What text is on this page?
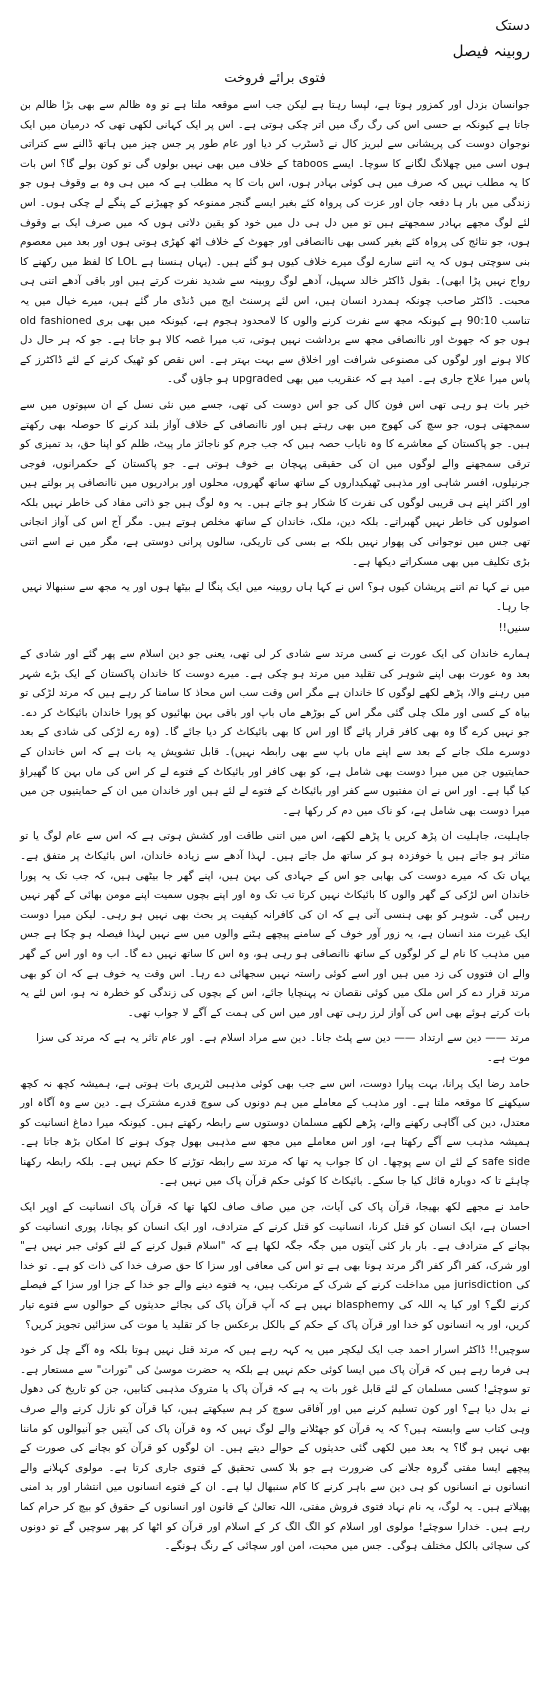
دستک
روبینہ فیصل
فتوی برائے فروخت

جوانسان بزدل اور کمزور ہوتا ہے، لپسا رہتا ہے لیکن جب اسے موقعہ ملتا ہے تو وہ ظالم سے بھی بڑا ظالم بن جاتا ہے کیونکہ بے حسی اس کی رگ رگ میں اتر چکی ہوتی ہے۔ اس پر ایک کہانی لکھی تھی کہ درمیان میں ایک نوجوان دوست کی پریشانی سے لبریز کال نے ڈسٹرب کر دیا اور عام طور پر جس چیز میں ہاتھ ڈالنے سے کتراتی ہوں اسی میں چھلانگ لگانے کا سوچا۔ ایسے taboos کے خلاف میں بھی نہیں بولوں گی تو کون بولے گا؟ اس بات کا یہ مطلب نہیں کہ صرف میں ہی کوئی بہادر ہوں، اس بات کا یہ مطلب ہے کہ میں ہی وہ بے وقوف ہوں جو زندگی میں بار ہا دفعہ جان اور عزت کی پرواہ کئے بغیر ایسے گنجر ممنوعہ کو چھیڑنے کے پنگے لے چکی ہوں۔ اس لئے لوگ مجھے بہادر سمجھتے ہیں تو میں دل ہی دل میں خود کو یقین دلاتی ہوں کہ میں صرف ایک بے وقوف ہوں، جو نتائج کی پرواہ کئے بغیر کسی بھی ناانصافی اور جھوٹ کے خلاف اٹھ کھڑی ہوتی ہوں اور بعد میں معصوم بنی سوچتی ہوں کہ یہ اتنے سارے لوگ میرے خلاف کیوں ہو گئے ہیں۔ (یہاں ہنسنا ہے LOL کا لفظ میں رکھنے کا رواج نہیں پڑا ابھی)۔ بقول ڈاکٹر خالد سہیل، آدھے لوگ روبینہ سے شدید نفرت کرتے ہیں اور باقی آدھے اتنی ہی محبت۔ ڈاکٹر صاحب چونکہ ہمدرد انسان ہیں، اس لئے پرسنٹ ایج میں ڈنڈی مار گئے ہیں، میرے خیال میں یہ تناسب 90:10 ہے کیونکہ مجھ سے نفرت کرنے والوں کا لامحدود ہجوم ہے، کیونکہ میں بھی بری old fashioned ہوں جو کہ جھوٹ اور ناانصافی مجھ سے برداشت نہیں ہوتی، تب میرا غصہ کالا ہو جاتا ہے۔ جو کہ ہر حال دل کالا ہونے اور لوگوں کی مصنوعی شرافت اور اخلاق سے بہت بہتر ہے۔ اس نقص کو ٹھیک کرنے کے لئے ڈاکٹرز کے پاس میرا علاج جاری ہے۔ امید ہے کہ عنقریب میں بھی upgraded ہو جاؤں گی۔

خیر بات ہو رہی تھی اس فون کال کی جو اس دوست کی تھی، جسے میں نئی نسل کے ان سپوتوں میں سے سمجھتی ہوں، جو سچ کی کھوج میں بھی رہتے ہیں اور ناانصافی کے خلاف آواز بلند کرنے کا حوصلہ بھی رکھتے ہیں۔ جو پاکستان کے معاشرے کا وہ نایاب حصہ ہیں کہ جب جرم کو ناجائز مار پیٹ، ظلم کو اپنا حق، بد تمیزی کو ترقی سمجھنے والے لوگوں میں ان کی حقیقی پہچان بے خوف ہوتی ہے۔ جو پاکستان کے حکمرانوں، فوجی جرنیلوں، افسر شاہی اور مذہبی ٹھیکیداروں کے ساتھ ساتھ گھروں، محلوں اور برادریوں میں ناانصافی پر بولتے ہیں اور اکثر اپنے ہی قریبی لوگوں کی نفرت کا شکار ہو جاتے ہیں۔ یہ وہ لوگ ہیں جو ذاتی مفاد کی خاطر نہیں بلکہ اصولوں کی خاطر نہیں گھبراتے۔ بلکہ دین، ملک، خاندان کے ساتھ مخلص ہوتے ہیں۔ مگر آج اس کی آواز انجانی تھی جس میں نوجوانی کی پھوار نہیں بلکہ بے بسی کی تاریکی، سالوں پرانی دوستی ہے، مگر میں نے اسے اتنی بڑی تکلیف میں بھی مسکراتے دیکھا ہے۔

میں نے کہا تم اتنے پریشان کیوں ہو؟ اس نے کہا ہاں روبینہ میں ایک پنگا لے بیٹھا ہوں اور یہ مجھ سے سنبھالا نہیں جا رہا۔

سنیں!!

ہمارے خاندان کی ایک عورت نے کسی مرتد سے شادی کر لی تھی، یعنی جو دین اسلام سے پھر گئے اور شادی کے بعد وہ عورت بھی اپنے شوہر کی تقلید میں مرتد ہو چکی ہے۔ میرے دوست کا خاندان پاکستان کے ایک بڑے شہر میں رہنے والا، پڑھے لکھے لوگوں کا خاندان ہے مگر اس وقت سب اس محاذ کا سامنا کر رہے ہیں کہ مرتد لڑکی تو بیاہ کے کسی اور ملک چلی گئی مگر اس کے بوڑھے ماں باپ اور باقی بہن بھائیوں کو پورا خاندان بائیکاٹ کر دے۔ جو نہیں کرے گا وہ بھی کافر قرار پائے گا اور اس کا بھی بائیکاٹ کر دیا جائے گا۔ (وہ رے لڑکی کی شادی کے بعد دوسرے ملک جانے کے بعد سے اپنے ماں باپ سے بھی رابطہ نہیں)۔ قابل تشویش یہ بات ہے کہ اس خاندان کے حمایتیوں جن میں میرا دوست بھی شامل ہے، کو بھی کافر اور بائیکاٹ کے فتوے لے کر اس کی ماں بہن کا گھیراؤ کیا گیا ہے۔ اور اس نے ان مفتیوں سے کفر اور بائیکاٹ کے فتوے لے لئے ہیں اور خاندان میں ان کے حمایتیوں جن میں میرا دوست بھی شامل ہے، کو ناک میں دم کر رکھا ہے۔

جاہلیت، جاہلیت ان پڑھ کریں یا پڑھے لکھے، اس میں اتنی طاقت اور کشش ہوتی ہے کہ اس سے عام لوگ یا تو متاثر ہو جاتے ہیں یا خوفزدہ ہو کر ساتھ مل جاتے ہیں۔ لہذا آدھے سے زیادہ خاندان، اس بائیکاٹ پر متفق ہے۔ یہاں تک کہ میرے دوست کی بھابی جو اس کے جہادی کی بہن ہیں، اپنے گھر جا بیٹھی ہیں، کہ جب تک یہ پورا خاندان اس لڑکی کے گھر والوں کا بائیکاٹ نہیں کرتا تب تک وہ اور اپنے بچوں سمیت اپنے مومن بھائی کے گھر نہیں رہیں گی۔ شوہر کو بھی ہنسی آتی ہے کہ ان کی کافرانہ کیفیت پر بحث بھی نہیں ہو رہی۔ لیکن میرا دوست ایک غیرت مند انسان ہے، یہ زور آور خوف کے سامنے پیچھے ہٹنے والوں میں سے نہیں لہذا فیصلہ ہو چکا ہے جس میں مذہب کا نام لے کر لوگوں کے ساتھ ناانصافی ہو رہی ہو، وہ اس کا ساتھ نہیں دے گا۔ اب وہ اور اس کے گھر والے ان فتووں کی زد میں ہیں اور اسے کوئی راستہ نہیں سجھائی دے رہا۔ اس وقت یہ خوف ہے کہ ان کو بھی مرتد قرار دے کر اس ملک میں کوئی نقصان نہ پہنچایا جائے، اس کے بچوں کی زندگی کو خطرہ نہ ہو، اس لئے یہ بات کرتے ہوئے بھی اس کی آواز لرز رہی تھی اور میں اس کی ہمت کے آگے لا جواب تھی۔

مرتد —— دین سے ارتداد —— دین سے پلٹ جانا۔ دین سے مراد اسلام ہے۔ اور عام تاثر یہ ہے کہ مرتد کی سزا موت ہے۔

حامد رضا ایک پرانا، بہت پیارا دوست، اس سے جب بھی کوئی مذہبی لٹریری بات ہوتی ہے، ہمیشہ کچھ نہ کچھ سیکھنے کا موقعہ ملتا ہے۔ اور مذہب کے معاملے میں ہم دونوں کی سوچ قدرے مشترک ہے۔ دین سے وہ آگاہ اور معتدل، دین کی آگاہی رکھنے والے، پڑھے لکھے مسلمان دوستوں سے رابطہ رکھتے ہیں۔ کیونکہ میرا دماغ انسانیت کو ہمیشہ مذہب سے آگے رکھتا ہے، اور اس معاملے میں مجھ سے مذہبی بھول چوک ہونے کا امکان بڑھ جاتا ہے۔ safe side کے لئے ان سے پوچھا۔ ان کا جواب یہ تھا کہ مرتد سے رابطہ توڑنے کا حکم نہیں ہے۔ بلکہ رابطہ رکھنا چاہئے تا کہ دوبارہ قائل کیا جا سکے۔ بائیکاٹ کا کوئی حکم قرآن پاک میں نہیں ہے۔

حامد نے مجھے لکھ بھیجا، قرآن پاک کی آیات، جن میں صاف صاف لکھا تھا کہ قرآن پاک انسانیت کے اوپر ایک احسان ہے، ایک انسان کو قتل کرنا، انسانیت کو قتل کرنے کے مترادف، اور ایک انسان کو بچانا، پوری انسانیت کو بچانے کے مترادف ہے۔ بار بار کئی آیتوں میں جگہ جگہ لکھا ہے کہ "اسلام قبول کرنے کے لئے کوئی جبر نہیں ہے" اور شرک، کفر اگر کفر اگر مرتد ہونا بھی ہے تو اس کی معافی اور سزا کا حق صرف خدا کی ذات کو ہے۔ تو خدا کی jurisdiction میں مداخلت کرنے کے شرک کے مرتکب ہیں، یہ فتوے دینے والے جو خدا کے جزا اور سزا کے فیصلے کرنے لگے؟ اور کیا یہ اللہ کی blasphemy نہیں ہے کہ آپ قرآن پاک کی بجائے حدیثوں کے حوالوں سے فتوے تیار کریں، اور یہ انسانوں کو خدا اور قرآن پاک کے حکم کے بالکل برعکس جا کر تقلید یا موت کی سزائیں تجویز کریں؟

سوچیں!! ڈاکٹر اسرار احمد جب ایک لیکچر میں یہ کہہ رہے ہیں کہ مرتد قتل نہیں ہوتا بلکہ وہ آگے چل کر خود ہی فرما رہے ہیں کہ قرآن پاک میں ایسا کوئی حکم نہیں ہے بلکہ یہ حضرت موسیٰ کی "تورات" سے مستعار ہے۔ تو سوچئے! کسی مسلمان کے لئے قابل غور بات یہ ہے کہ قرآن پاک یا متروک مذہبی کتابیں، جن کو تاریخ کی دھول نے بدل دیا ہے؟ اور کون تسلیم کرنے میں اور آفاقی سوچ کر ہم سیکھتے ہیں، کیا قرآن کو نازل کرنے والے صرف وہی کتاب سے وابستہ ہیں؟ کہ یہ قرآن کو جھٹلانے والے لوگ نہیں کہ وہ قرآن پاک کی آیتیں جو آنیوالوں کو ماننا بھی نہیں ہو گا؟ یہ بعد میں لکھی گئی حدیثوں کے حوالے دیتے ہیں۔ ان لوگوں کو قرآن کو بچانے کی صورت کے پیچھے ایسا مفتی گروہ جلانے کی ضرورت ہے جو بلا کسی تحقیق کے فتوی جاری کرتا ہے۔ مولوی کہلانے والے انسانوں نے انسانوں کو ہی دین سے باہر کرنے کا کام سنبھال لیا ہے۔ ان کے فتوے انسانوں میں انتشار اور بد امنی پھیلاتے ہیں۔ یہ لوگ، یہ نام نہاد فتوی فروش مفتی، اللہ تعالیٰ کے قانون اور انسانوں کے حقوق کو بیچ کر حرام کما رہے ہیں۔ خدارا سوچئے! مولوی اور اسلام کو الگ الگ کر کے اسلام اور قرآن کو اٹھا کر پھر سوچیں گے تو دونوں کی سچائی بالکل مختلف ہوگی۔ جس میں محبت، امن اور سچائی کے رنگ ہونگے۔
